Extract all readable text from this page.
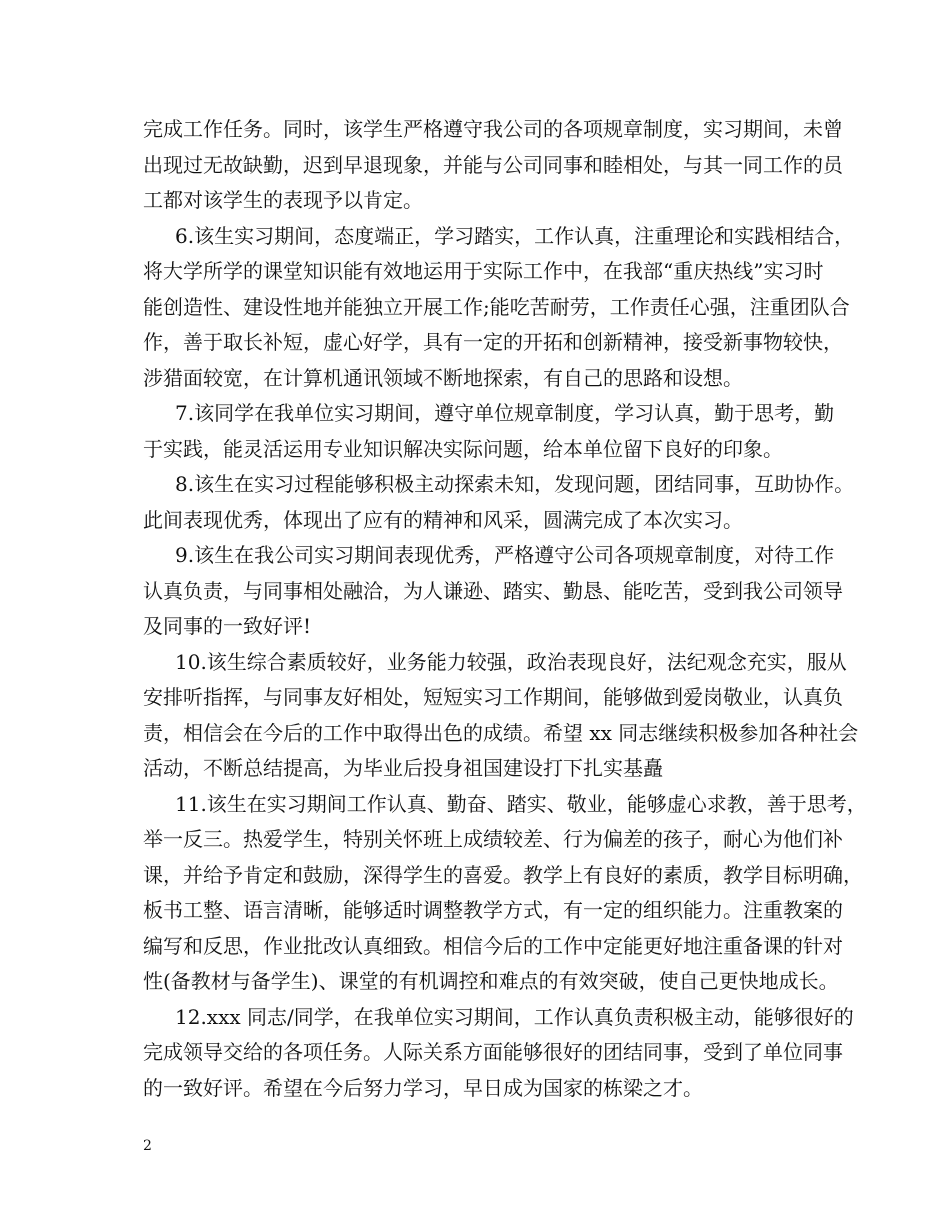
完成工作任务。同时，该学生严格遵守我公司的各项规章制度，实习期间，未曾
出现过无故缺勤，迟到早退现象，并能与公司同事和睦相处，与其一同工作的员
工都对该学生的表现予以肯定。
6.该生实习期间，态度端正，学习踏实，工作认真，注重理论和实践相结合，
将大学所学的课堂知识能有效地运用于实际工作中，在我部“重庆热线”实习时
能创造性、建设性地并能独立开展工作;能吃苦耐劳，工作责任心强，注重团队合
作，善于取长补短，虚心好学，具有一定的开拓和创新精神，接受新事物较快，
涉猎面较宽，在计算机通讯领域不断地探索，有自己的思路和设想。
7.该同学在我单位实习期间，遵守单位规章制度，学习认真，勤于思考，勤
于实践，能灵活运用专业知识解决实际问题，给本单位留下良好的印象。
8.该生在实习过程能够积极主动探索未知，发现问题，团结同事，互助协作。
此间表现优秀，体现出了应有的精神和风采，圆满完成了本次实习。
9.该生在我公司实习期间表现优秀，严格遵守公司各项规章制度，对待工作
认真负责，与同事相处融洽，为人谦逊、踏实、勤恳、能吃苦，受到我公司领导
及同事的一致好评!
10.该生综合素质较好，业务能力较强，政治表现良好，法纪观念充实，服从
安排听指挥，与同事友好相处，短短实习工作期间，能够做到爱岗敬业，认真负
责，相信会在今后的工作中取得出色的成绩。希望 xx 同志继续积极参加各种社会
活动，不断总结提高，为毕业后投身祖国建设打下扎实基矗
11.该生在实习期间工作认真、勤奋、踏实、敬业，能够虚心求教，善于思考，
举一反三。热爱学生，特别关怀班上成绩较差、行为偏差的孩子，耐心为他们补
课，并给予肯定和鼓励，深得学生的喜爱。教学上有良好的素质，教学目标明确，
板书工整、语言清晰，能够适时调整教学方式，有一定的组织能力。注重教案的
编写和反思，作业批改认真细致。相信今后的工作中定能更好地注重备课的针对
性(备教材与备学生)、课堂的有机调控和难点的有效突破，使自己更快地成长。
12.xxx 同志/同学，在我单位实习期间，工作认真负责积极主动，能够很好的
完成领导交给的各项任务。人际关系方面能够很好的团结同事，受到了单位同事
的一致好评。希望在今后努力学习，早日成为国家的栋梁之才。
2
